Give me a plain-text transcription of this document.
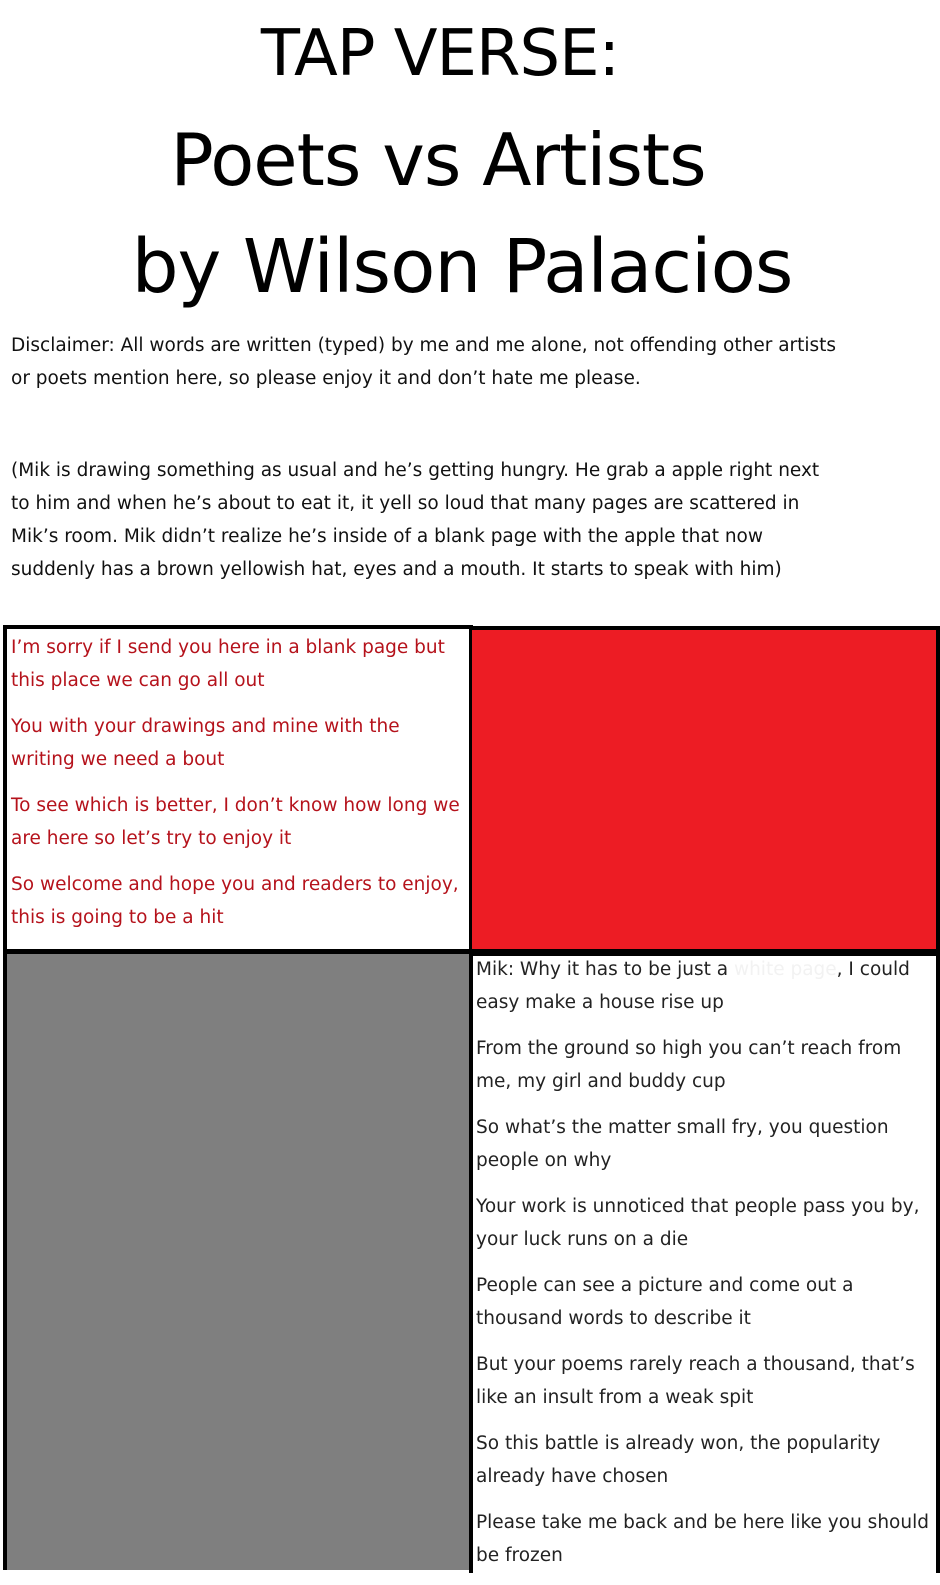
TAP VERSE:
Poets vs Artists
by Wilson Palacios

Disclaimer: All words are written (typed) by me and me alone, not offending other artists or poets mention here, so please enjoy it and don’t hate me please.

(Mik is drawing something as usual and he’s getting hungry. He grab a apple right next to him and when he’s about to eat it, it yell so loud that many pages are scattered in Mik’s room. Mik didn’t realize he’s inside of a blank page with the apple that now suddenly has a brown yellowish hat, eyes and a mouth. It starts to speak with him)

I’m sorry if I send you here in a blank page but this place we can go all out

You with your drawings and mine with the writing we need a bout

To see which is better, I don’t know how long we are here so let’s try to enjoy it

So welcome and hope you and readers to enjoy, this is going to be a hit

Mik: Why it has to be just a white page, I could easy make a house rise up

From the ground so high you can’t reach from me, my girl and buddy cup

So what’s the matter small fry, you question people on why

Your work is unnoticed that people pass you by, your luck runs on a die

People can see a picture and come out a thousand words to describe it

But your poems rarely reach a thousand, that’s like an insult from a weak spit

So this battle is already won, the popularity already have chosen

Please take me back and be here like you should be frozen
